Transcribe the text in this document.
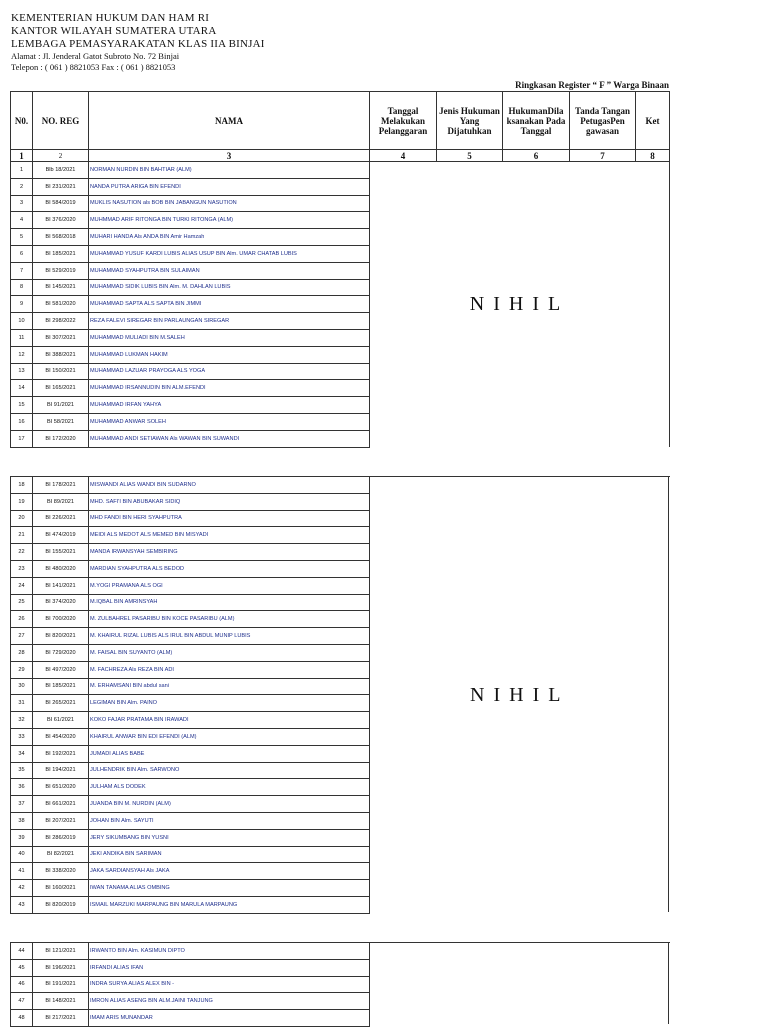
KEMENTERIAN HUKUM DAN HAM RI
KANTOR WILAYAH SUMATERA UTARA
LEMBAGA PEMASYARAKATAN KLAS IIA BINJAI
Alamat : Jl. Jenderal Gatot Subroto No. 72 Binjai
Telepon : ( 061 ) 8821053 Fax : ( 061 ) 8821053
Ringkasan Register “ F ” Warga Binaan
N0.	NO. REG	NAMA	Tanggal Melakukan Pelanggaran	Jenis Hukuman Yang Dijatuhkan	HukumanDila ksanakan Pada Tanggal	Tanda Tangan PetugasPen gawasan	Ket
1	2	3	4	5	6	7	8
1	Blb 18/2021	NORMAN NURDIN BIN BAHTIAR (ALM)	NIHIL				
2	BI 231/2021	NANDA PUTRA ARIGA BIN EFENDI					
3	BI 584/2019	MUKLIS NASUTION als BOB BIN JABANGUN NASUTION					
4	BI 376/2020	MUHMMAD ARIF RITONGA BIN TURKI RITONGA (ALM)					
5	BI 568/2018	MUHARI HANDA Als ANDA BIN Amir Hamzah					
6	BI 185/2021	MUHAMMAD YUSUF KARDI LUBIS ALIAS USUP BIN Alm. UMAR CHATAB LUBIS					
7	BI 529/2019	MUHAMMAD SYAHPUTRA BIN SULAIMAN					
8	BI 145/2021	MUHAMMAD SIDIK LUBIS BIN Alm. M. DAHLAN LUBIS					
9	BI 581/2020	MUHAMMAD SAPTA ALS SAPTA BIN JIMMI					
10	BI 298/2022	REZA FALEVI SIREGAR BIN PARLAUNGAN SIREGAR					
11	BI 307/2021	MUHAMMAD MULIADI BIN M.SALEH					
12	BI 388/2021	MUHAMMAD LUKMAN HAKIM					
13	BI 150/2021	MUHAMMAD LAZUAR PRAYOGA ALS YOGA					
14	BI 165/2021	MUHAMMAD IRSANNUDIN BIN ALM.EFENDI					
15	BI 91/2021	MUHAMMAD IRFAN YAHYA					
16	BI 58/2021	MUHAMMAD ANWAR SOLEH					
17	BI 172/2020	MUHAMMAD ANDI SETIAWAN Als WAWAN BIN SUWANDI					
18	BI 178/2021	MISWANDI ALIAS WANDI BIN SUDARNO	NIHIL
19	BI 89/2021	MHD. SAFI'I BIN ABUBAKAR SIDIQ	
20	BI 226/2021	MHD FANDI BIN HERI SYAHPUTRA	
21	BI 474/2019	MEIDI ALS MEDOT ALS MEMED BIN MISYADI	
22	BI 155/2021	MANDA IRWANSYAH SEMBIRING	
23	BI 480/2020	MARDIAN SYAHPUTRA ALS BEDOD	
24	BI 141/2021	M.YOGI PRAMANA ALS OGI	
25	BI 374/2020	M.IQBAL BIN AMRINSYAH	
26	BI 700/2020	M. ZULBAHREL PASARIBU BIN KOCE PASARIBU (ALM)	
27	BI 820/2021	M. KHAIRUL RIZAL LUBIS ALS IRUL BIN ABDUL MUNIP LUBIS	
28	BI 729/2020	M. FAISAL BIN SUYANTO (ALM)	
29	BI 497/2020	M. FACHREZA Als REZA BIN ADI	
30	BI 185/2021	M. ERHAMSANI BIN abdul sani	
31	BI 265/2021	LEGIMAN BIN Alm. PAINO	
32	BI 61/2021	KOKO FAJAR PRATAMA BIN IRAWADI	
33	BI 454/2020	KHAIRUL ANWAR BIN EDI EFENDI (ALM)	
34	BI 192/2021	JUMADI ALIAS BABE	
35	BI 194/2021	JULHENDRIK BIN Alm. SARWONO	
36	BI 651/2020	JULHAM ALS DODEK	
37	BI 661/2021	JUANDA BIN M. NURDIN (ALM)	
38	BI 207/2021	JOHAN BIN Alm. SAYUTI	
39	BI 286/2019	JERY SIKUMBANG BIN YUSNI	
40	BI 82/2021	JEKI ANDIKA BIN SARIMAN	
41	BI 338/2020	JAKA SARDIANSYAH Als JAKA	
42	BI 160/2021	IWAN TANAMA ALIAS OMBING	
43	BI 820/2019	ISMAIL MARZUKI MARPAUNG BIN MARULA MARPAUNG	
44	BI 121/2021	IRWANTO BIN Alm. KASIMUN DIPTO	
45	BI 196/2021	IRFANDI ALIAS IFAN	
46	BI 191/2021	INDRA SURYA ALIAS ALEX BIN -	
47	BI 148/2021	IMRON ALIAS ASENG BIN ALM.JAINI TANJUNG	
48	BI 217/2021	IMAM ARIS MUNANDAR	
